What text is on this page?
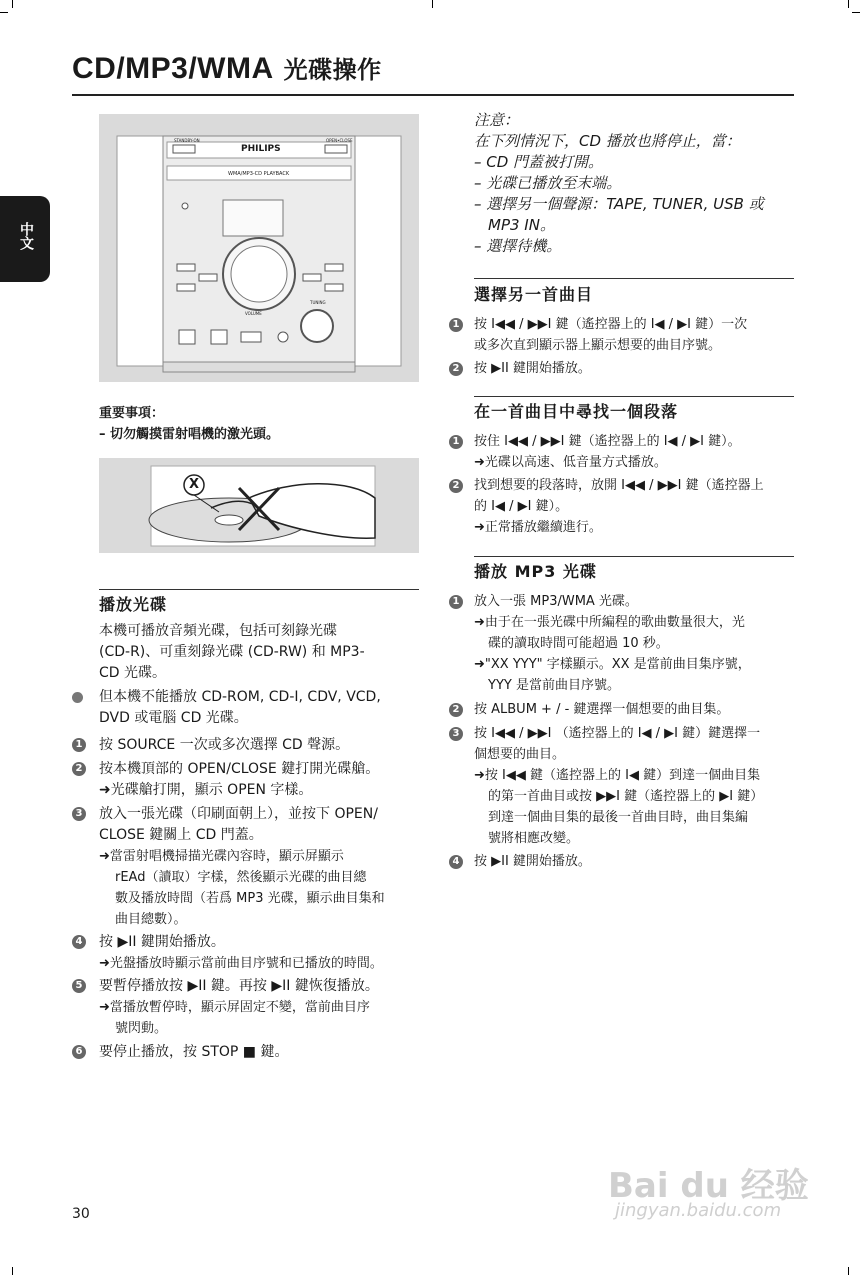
CD/MP3/WMA 光碟操作
中文
PHILIPS
WMA/MP3-CD PLAYBACK
STANDBY-ON	OPEN•CLOSE
TUNING
VOLUME
重要事項：
– 切勿觸摸雷射唱機的激光頭。
X
播放光碟
本機可播放音頻光碟，包括可刻錄光碟
(CD-R)、可重刻錄光碟 (CD-RW) 和 MP3-
CD 光碟。
但本機不能播放 CD-ROM, CD-I, CDV, VCD,
DVD 或電腦 CD 光碟。
1 按 SOURCE 一次或多次選擇 CD 聲源。
2 按本機頂部的 OPEN/CLOSE 鍵打開光碟艙。
➜光碟艙打開，顯示 OPEN 字樣。
3 放入一張光碟（印刷面朝上），並按下 OPEN/
CLOSE 鍵關上 CD 門蓋。
➜當雷射唱機掃描光碟內容時，顯示屏顯示
rEAd（讀取）字樣，然後顯示光碟的曲目總
數及播放時間（若爲 MP3 光碟，顯示曲目集和
曲目總數）。
4 按 ▶II 鍵開始播放。
➜光盤播放時顯示當前曲目序號和已播放的時間。
5 要暫停播放按 ▶II 鍵。再按 ▶II 鍵恢復播放。
➜當播放暫停時，顯示屏固定不變，當前曲目序
號閃動。
6 要停止播放，按 STOP ■ 鍵。
注意：
在下列情況下，CD 播放也將停止，當：
– CD 門蓋被打開。
– 光碟已播放至末端。
– 選擇另一個聲源：TAPE, TUNER, USB 或
MP3 IN。
– 選擇待機。
選擇另一首曲目
1 按 I◀◀ / ▶▶I 鍵（遙控器上的 I◀ / ▶I 鍵）一次
或多次直到顯示器上顯示想要的曲目序號。
2 按 ▶II 鍵開始播放。
在一首曲目中尋找一個段落
1 按住 I◀◀ / ▶▶I 鍵（遙控器上的 I◀ / ▶I 鍵）。
➜光碟以高速、低音量方式播放。
2 找到想要的段落時，放開 I◀◀ / ▶▶I 鍵（遙控器上
的 I◀ / ▶I 鍵）。
➜正常播放繼續進行。
播放 MP3 光碟
1 放入一張 MP3/WMA 光碟。
➜由于在一張光碟中所編程的歌曲數量很大，光
碟的讀取時間可能超過 10 秒。
➜"XX YYY" 字樣顯示。XX 是當前曲目集序號，
YYY 是當前曲目序號。
2 按 ALBUM + / - 鍵選擇一個想要的曲目集。
3 按 I◀◀ / ▶▶I （遙控器上的 I◀ / ▶I 鍵）鍵選擇一
個想要的曲目。
➜按 I◀◀ 鍵（遙控器上的 I◀ 鍵）到達一個曲目集
的第一首曲目或按 ▶▶I 鍵（遙控器上的 ▶I 鍵）
到達一個曲目集的最後一首曲目時，曲目集編
號將相應改變。
4 按 ▶II 鍵開始播放。
Bai du 经验
jingyan.baidu.com
30
